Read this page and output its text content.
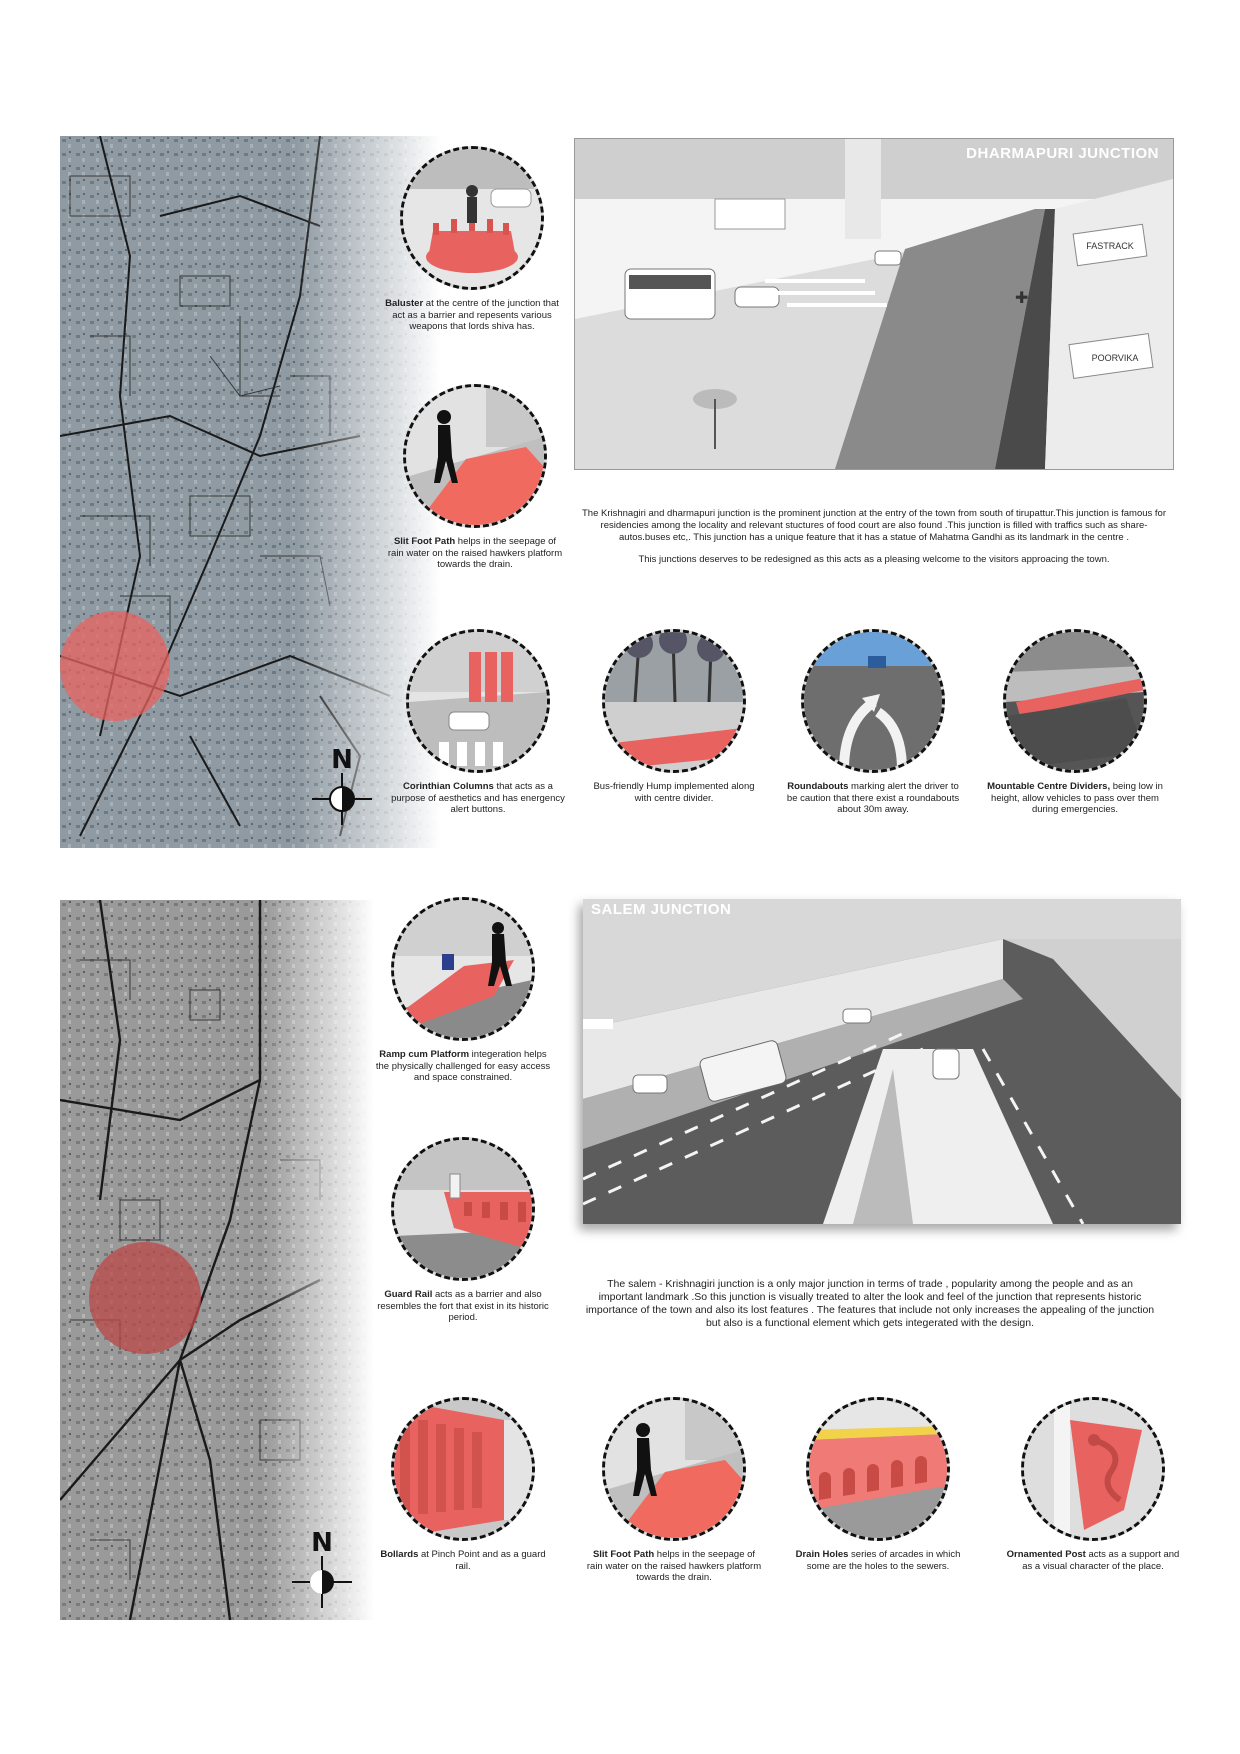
N
Baluster at the centre of the junction that act as a barrier and repesents various weapons that lords shiva has.
Slit Foot Path helps in the seepage of rain water on the raised hawkers platform towards the drain.
FASTRACK
POORVIKA
✚
DHARMAPURI JUNCTION

The Krishnagiri and dharmapuri junction is the prominent junction at the entry of the town from south of tirupattur.This junction is famous for residencies among the locality and relevant stuctures of food court are also found .This junction is filled with traffics such as share-autos.buses etc,. This junction has a unique feature that it has a statue of Mahatma Gandhi as its landmark in the centre .

This junctions deserves to be redesigned as this acts as a pleasing welcome to the visitors approacing the town.

Corinthian Columns that acts as a purpose of aesthetics and has energency alert buttons.
Bus-friendly Hump implemented along with centre divider.
Roundabouts marking alert the driver to be caution that there exist a roundabouts about 30m away.
Mountable Centre Dividers, being low in height, allow vehicles to pass over them during emergencies.
N
Ramp cum Platform integeration helps the physically challenged for easy access and space constrained.
Guard Rail acts as a barrier and also resembles the fort that exist in its historic period.
SALEM JUNCTION
The salem - Krishnagiri junction is a only major junction in terms of trade , popularity among the people and as an important landmark .So this junction is visually treated to alter the look and feel of the junction that represents historic importance of the town and also its lost features . The features that include not only increases the appealing of the junction but also is a functional element which gets integerated with the design.
Bollards at Pinch Point and as a guard rail.
Slit Foot Path helps in the seepage of rain water on the raised hawkers platform towards the drain.
Drain Holes series of arcades in which some are the holes to the sewers.
Ornamented Post acts as a support and as a visual character of the place.
